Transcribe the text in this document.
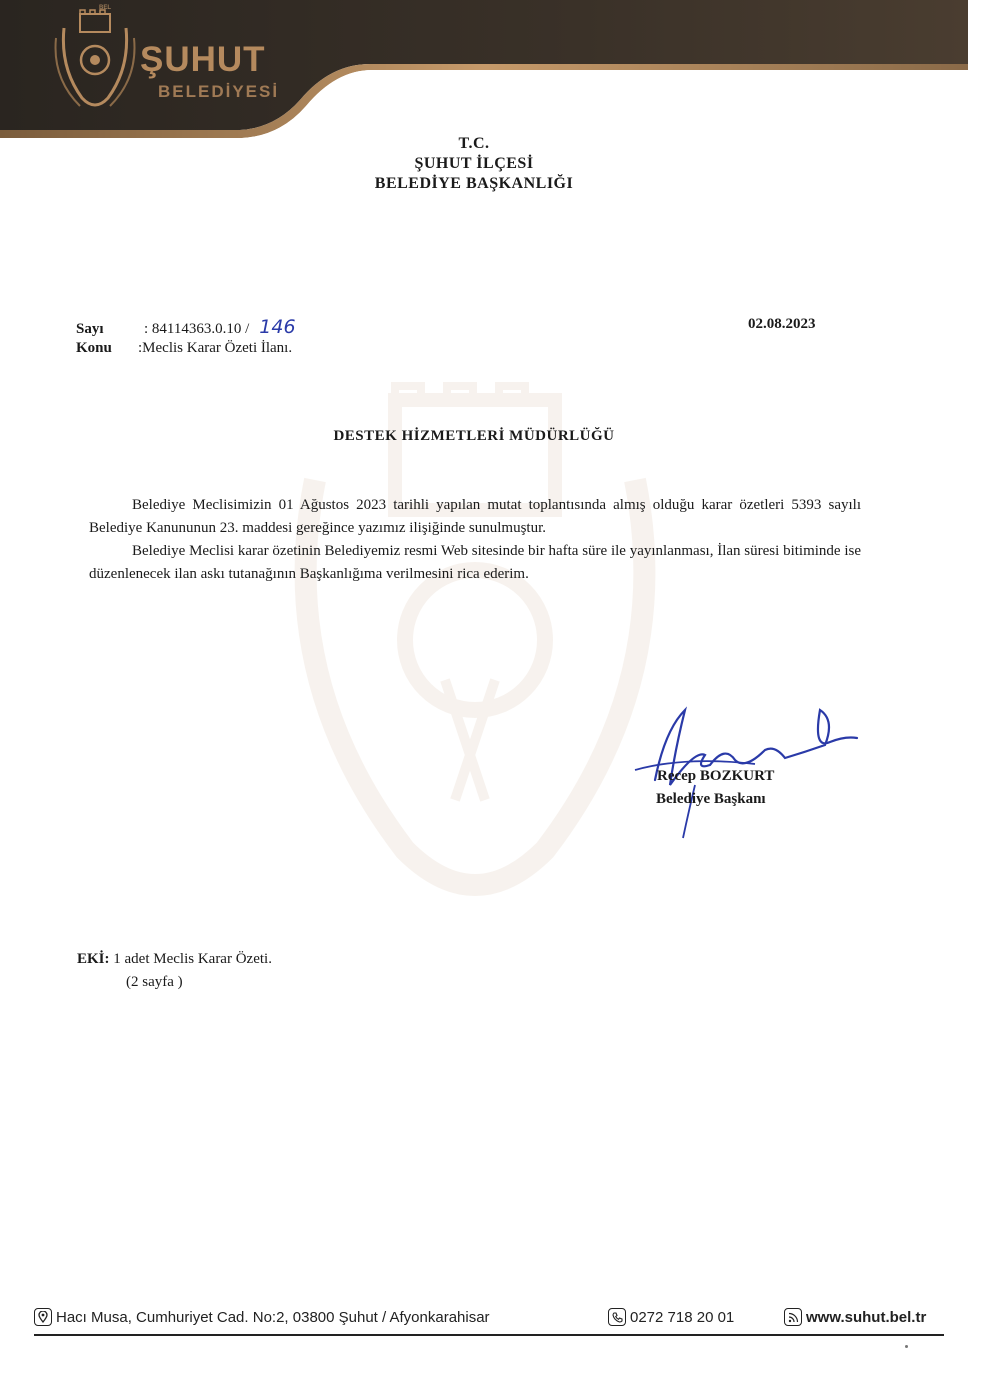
BEL
ŞUHUT
BELEDİYESİ
T.C.
ŞUHUT İLÇESİ
BELEDİYE BAŞKANLIĞI
Sayı	: 84114363.0.10 / 146
Konu :Meclis Karar Özeti İlanı.
02.08.2023
DESTEK HİZMETLERİ MÜDÜRLÜĞÜ

Belediye Meclisimizin 01 Ağustos 2023 tarihli yapılan mutat toplantısında almış olduğu karar özetleri 5393 sayılı Belediye Kanununun 23. maddesi gereğince yazımız ilişiğinde sunulmuştur.

Belediye Meclisi karar özetinin Belediyemiz resmi Web sitesinde bir hafta süre ile yayınlanması, İlan süresi bitiminde ise düzenlenecek ilan askı tutanağının Başkanlığıma verilmesini rica ederim.

Recep BOZKURT
Belediye Başkanı
EKİ: 1 adet Meclis Karar Özeti.
(2 sayfa )
Hacı Musa, Cumhuriyet Cad. No:2, 03800 Şuhut / Afyonkarahisar	0272 718 20 01	www.suhut.bel.tr
